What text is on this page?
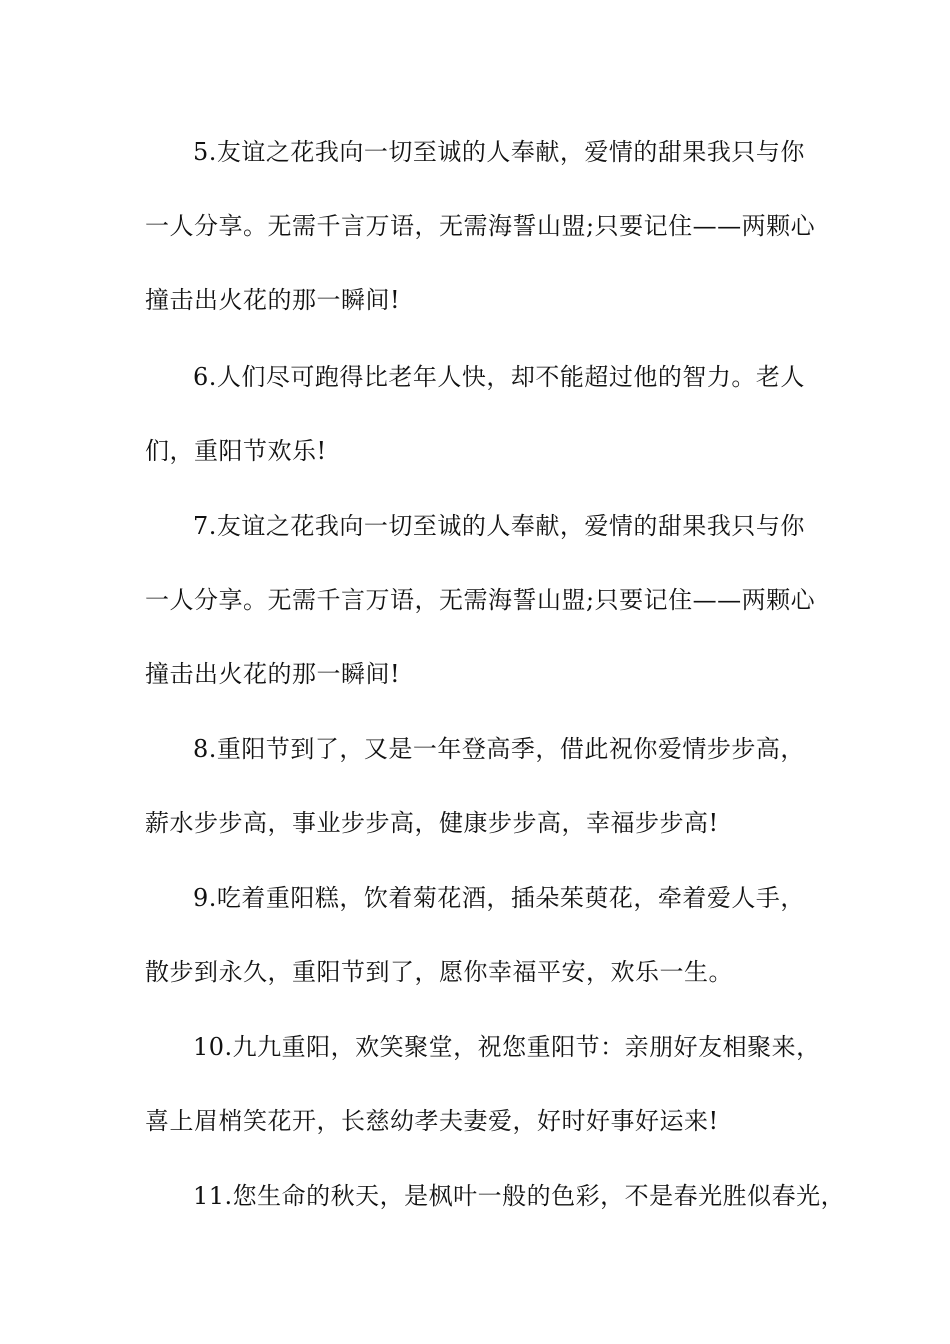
5.友谊之花我向一切至诚的人奉献，爱情的甜果我只与你
一人分享。无需千言万语，无需海誓山盟;只要记住——两颗心
撞击出火花的那一瞬间!
6.人们尽可跑得比老年人快，却不能超过他的智力。老人
们，重阳节欢乐!
7.友谊之花我向一切至诚的人奉献，爱情的甜果我只与你
一人分享。无需千言万语，无需海誓山盟;只要记住——两颗心
撞击出火花的那一瞬间!
8.重阳节到了，又是一年登高季，借此祝你爱情步步高，
薪水步步高，事业步步高，健康步步高，幸福步步高!
9.吃着重阳糕，饮着菊花酒，插朵茱萸花，牵着爱人手，
散步到永久，重阳节到了，愿你幸福平安，欢乐一生。
10.九九重阳，欢笑聚堂，祝您重阳节：亲朋好友相聚来，
喜上眉梢笑花开，长慈幼孝夫妻爱，好时好事好运来!
11.您生命的秋天，是枫叶一般的色彩，不是春光胜似春光，
